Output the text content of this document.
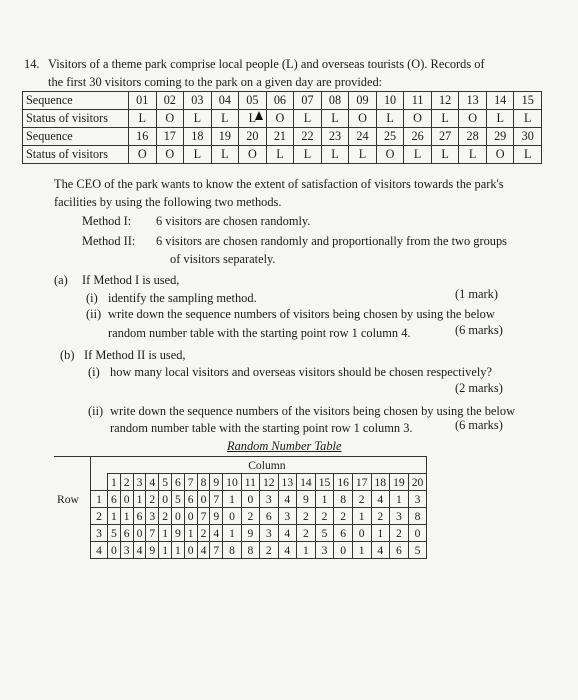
14. Visitors of a theme park comprise local people (L) and overseas tourists (O). Records of
the first 30 visitors coming to the park on a given day are provided:
Sequence	01	02	03	04	05	06	07	08	09	10	11	12	13	14	15
Status of visitors	L	O	L	L	L	O	L	L	O	L	O	L	O	L	L
Sequence	16	17	18	19	20	21	22	23	24	25	26	27	28	29	30
Status of visitors	O	O	L	L	O	L	L	L	L	O	L	L	L	O	L
The CEO of the park wants to know the extent of satisfaction of visitors towards the park's
facilities by using the following two methods.
Method I: 6 visitors are chosen randomly.
Method II: 6 visitors are chosen randomly and proportionally from the two groups
of visitors separately.
(a) If Method I is used,
(i) identify the sampling method.	(1 mark)
(ii) write down the sequence numbers of visitors being chosen by using the below
random number table with the starting point row 1 column 4.	(6 marks)
(b) If Method II is used,
(i) how many local visitors and overseas visitors should be chosen respectively?
(2 marks)
(ii) write down the sequence numbers of the visitors being chosen by using the below
random number table with the starting point row 1 column 3.	(6 marks)
Random Number Table
		Column																			
		1	2	3	4	5	6	7	8	9	10	11	12	13	14	15	16	17	18	19	20
Row	1	6	0	1	2	0	5	6	0	7	1	0	3	4	9	1	8	2	4	1	3
	2	1	1	6	3	2	0	0	7	9	0	2	6	3	2	2	2	1	2	3	8
	3	5	6	0	7	1	9	1	2	4	1	9	3	4	2	5	6	0	1	2	0
	4	0	3	4	9	1	1	0	4	7	8	8	2	4	1	3	0	1	4	6	5
